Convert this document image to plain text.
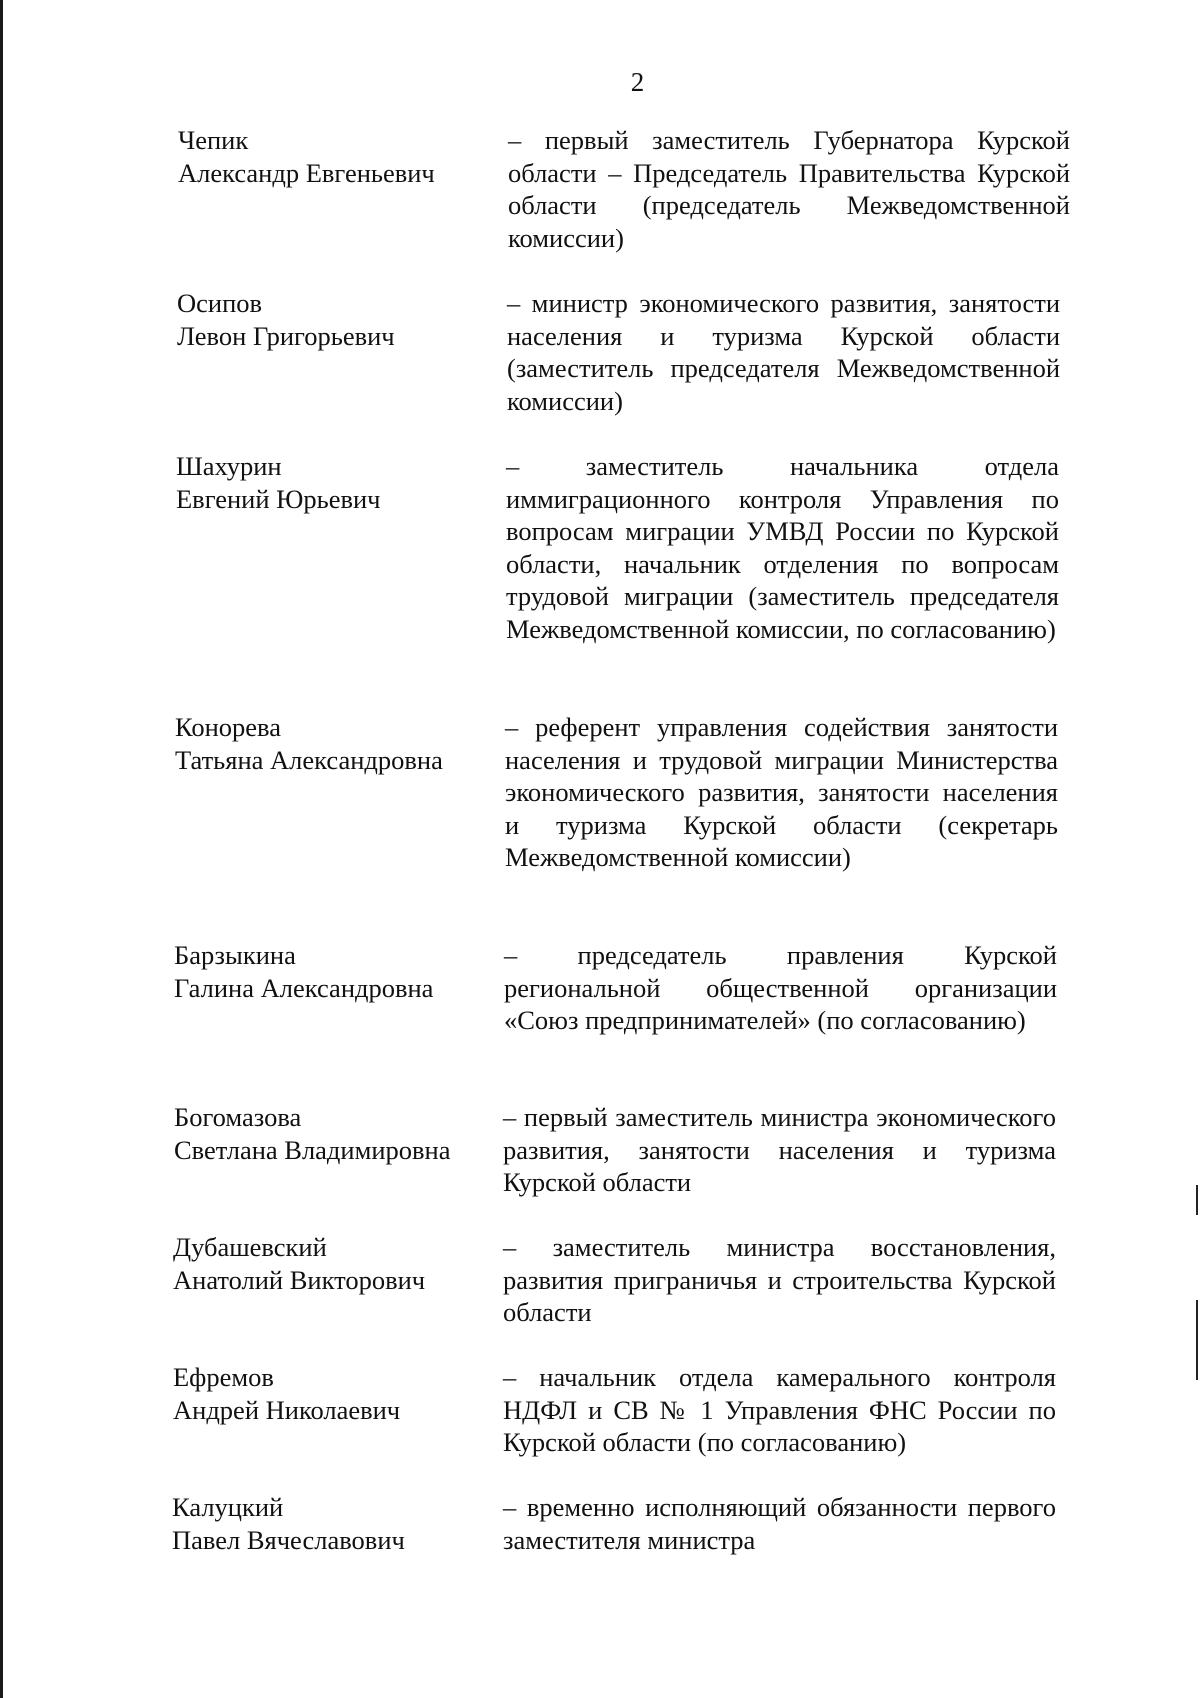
2
Чепик
Александр Евгеньевич
– первый заместитель Губернатора Курской области – Председатель Правительства Курской области (председатель Межведомственной комиссии)
Осипов
Левон Григорьевич
– министр экономического развития, занятости населения и туризма Курской области (заместитель председателя Межведомственной комиссии)
Шахурин
Евгений Юрьевич
– заместитель начальника отдела иммиграционного контроля Управления по вопросам миграции УМВД России по Курской области, начальник отделения по вопросам трудовой миграции (заместитель председателя Межведомственной комиссии, по согласованию)
Конорева
Татьяна Александровна
– референт управления содействия занятости населения и трудовой миграции Министерства экономического развития, занятости населения и туризма Курской области (секретарь Межведомственной комиссии)
Барзыкина
Галина Александровна
– председатель правления Курской региональной общественной организации «Союз предпринимателей» (по согласованию)
Богомазова
Светлана Владимировна
– первый заместитель министра экономического развития, занятости населения и туризма Курской области
Дубашевский
Анатолий Викторович
– заместитель министра восстановления, развития приграничья и строительства Курской области
Ефремов
Андрей Николаевич
– начальник отдела камерального контроля НДФЛ и СВ № 1 Управления ФНС России по Курской области (по согласованию)
Калуцкий
Павел Вячеславович
– временно исполняющий обязанности первого заместителя министра
